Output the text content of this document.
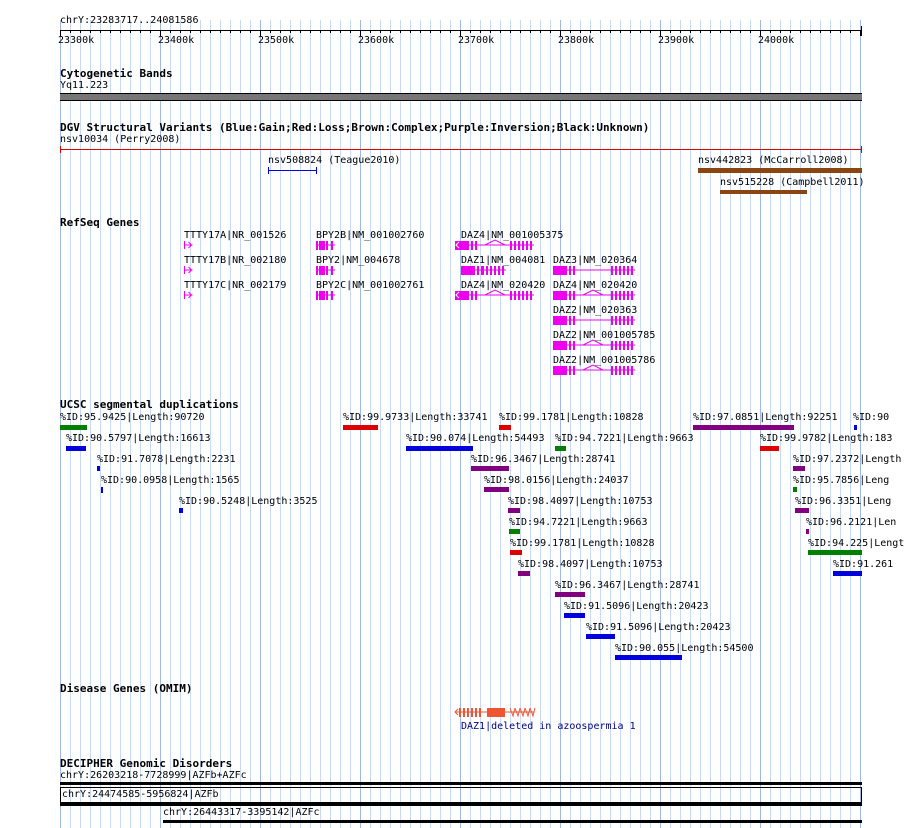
chrY:23283717..24081586
23300k	23400k	23500k	23600k	23700k	23800k	23900k	24000k
Cytogenetic Bands
Yq11.223
DGV Structural Variants (Blue:Gain;Red:Loss;Brown:Complex;Purple:Inversion;Black:Unknown)
nsv10034 (Perry2008)
nsv508824 (Teague2010)	nsv442823 (McCarroll2008)
nsv515228 (Campbell2011)
RefSeq Genes
TTTY17A|NR_001526
TTTY17B|NR_002180
TTTY17C|NR_002179
BPY2B|NM_001002760
BPY2|NM_004678
BPY2C|NM_001002761
DAZ4|NM_001005375
DAZ1|NM_004081
DAZ4|NM_020420
DAZ3|NM_020364
DAZ4|NM_020420
DAZ2|NM_020363
DAZ2|NM_001005785
DAZ2|NM_001005786
UCSC segmental duplications
%ID:95.9425|Length:90720
%ID:90.5797|Length:16613
%ID:91.7078|Length:2231
%ID:90.0958|Length:1565
%ID:90.5248|Length:3525
%ID:99.9733|Length:33741
%ID:90.074|Length:54493
%ID:99.1781|Length:10828
%ID:94.7221|Length:9663
%ID:96.3467|Length:28741
%ID:98.0156|Length:24037
%ID:98.4097|Length:10753
%ID:94.7221|Length:9663
%ID:99.1781|Length:10828
%ID:98.4097|Length:10753
%ID:96.3467|Length:28741
%ID:91.5096|Length:20423
%ID:91.5096|Length:20423
%ID:90.055|Length:54500
%ID:97.0851|Length:92251 %ID:90
%ID:99.9782|Length:183
%ID:97.2372|Length
%ID:95.7856|Leng
%ID:96.3351|Leng
%ID:96.2121|Len
%ID:94.225|Lengt
%ID:91.261
Disease Genes (OMIM)
DAZ1|deleted in azoospermia 1
DECIPHER Genomic Disorders
chrY:26203218-7728999|AZFb+AZFc
chrY:24474585-5956824|AZFb
chrY:26443317-3395142|AZFc
